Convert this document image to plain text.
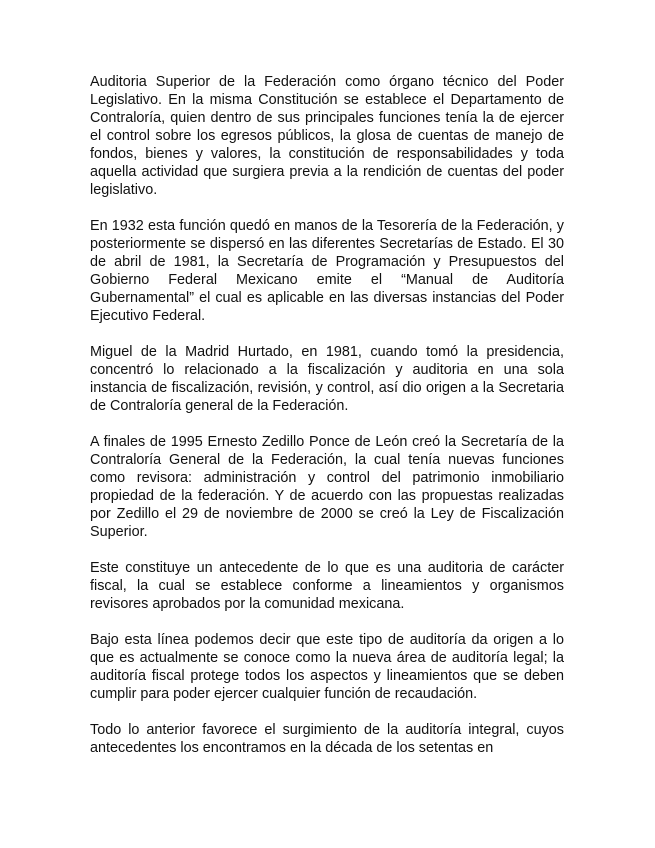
Auditoria Superior de la Federación como órgano técnico del Poder Legislativo. En la misma Constitución se establece el Departamento de Contraloría, quien dentro de sus principales funciones tenía la de ejercer el control sobre los egresos públicos, la glosa de cuentas de manejo de fondos, bienes y valores, la constitución de responsabilidades y toda aquella actividad que surgiera previa a la rendición de cuentas del poder legislativo.

En 1932 esta función quedó en manos de la Tesorería de la Federación, y posteriormente se dispersó en las diferentes Secretarías de Estado. El 30 de abril de 1981, la Secretaría de Programación y Presupuestos del Gobierno Federal Mexicano emite el “Manual de Auditoría Gubernamental” el cual es aplicable en las diversas instancias del Poder Ejecutivo Federal.

Miguel de la Madrid Hurtado, en 1981, cuando tomó la presidencia, concentró lo relacionado a la fiscalización y auditoria en una sola instancia de fiscalización, revisión, y control, así dio origen a la Secretaria de Contraloría general de la Federación.

A finales de 1995 Ernesto Zedillo Ponce de León creó la Secretaría de la Contraloría General de la Federación, la cual tenía nuevas funciones como revisora: administración y control del patrimonio inmobiliario propiedad de la federación. Y de acuerdo con las propuestas realizadas por Zedillo el 29 de noviembre de 2000 se creó la Ley de Fiscalización Superior.

Este constituye un antecedente de lo que es una auditoria de carácter fiscal, la cual se establece conforme a lineamientos y organismos revisores aprobados por la comunidad mexicana.

Bajo esta línea podemos decir que este tipo de auditoría da origen a lo que es actualmente se conoce como la nueva área de auditoría legal; la auditoría fiscal protege todos los aspectos y lineamientos que se deben cumplir para poder ejercer cualquier función de recaudación.

Todo lo anterior favorece el surgimiento de la auditoría integral, cuyos antecedentes los encontramos en la década de los setentas en
